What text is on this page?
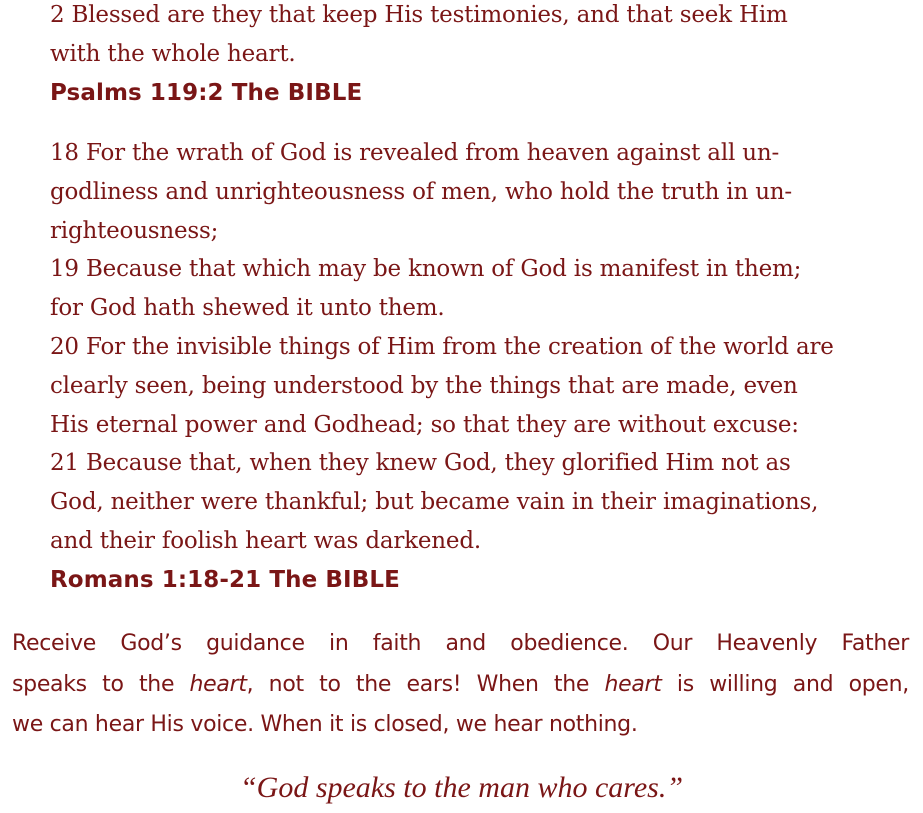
2 Blessed are they that keep His testimonies, and that seek Him
with the whole heart.
Psalms 119:2 The BIBLE
18 For the wrath of God is revealed from heaven against all un-
godliness and unrighteousness of men, who hold the truth in un-
righteousness;
19 Because that which may be known of God is manifest in them;
for God hath shewed it unto them.
20 For the invisible things of Him from the creation of the world are
clearly seen, being understood by the things that are made, even
His eternal power and Godhead; so that they are without excuse:
21 Because that, when they knew God, they glorified Him not as
God, neither were thankful; but became vain in their imaginations,
and their foolish heart was darkened.
Romans 1:18-21 The BIBLE
Receive God’s guidance in faith and obedience. Our Heavenly Father
speaks to the heart, not to the ears! When the heart is willing and open,
we can hear His voice. When it is closed, we hear nothing.
“God speaks to the man who cares.”
